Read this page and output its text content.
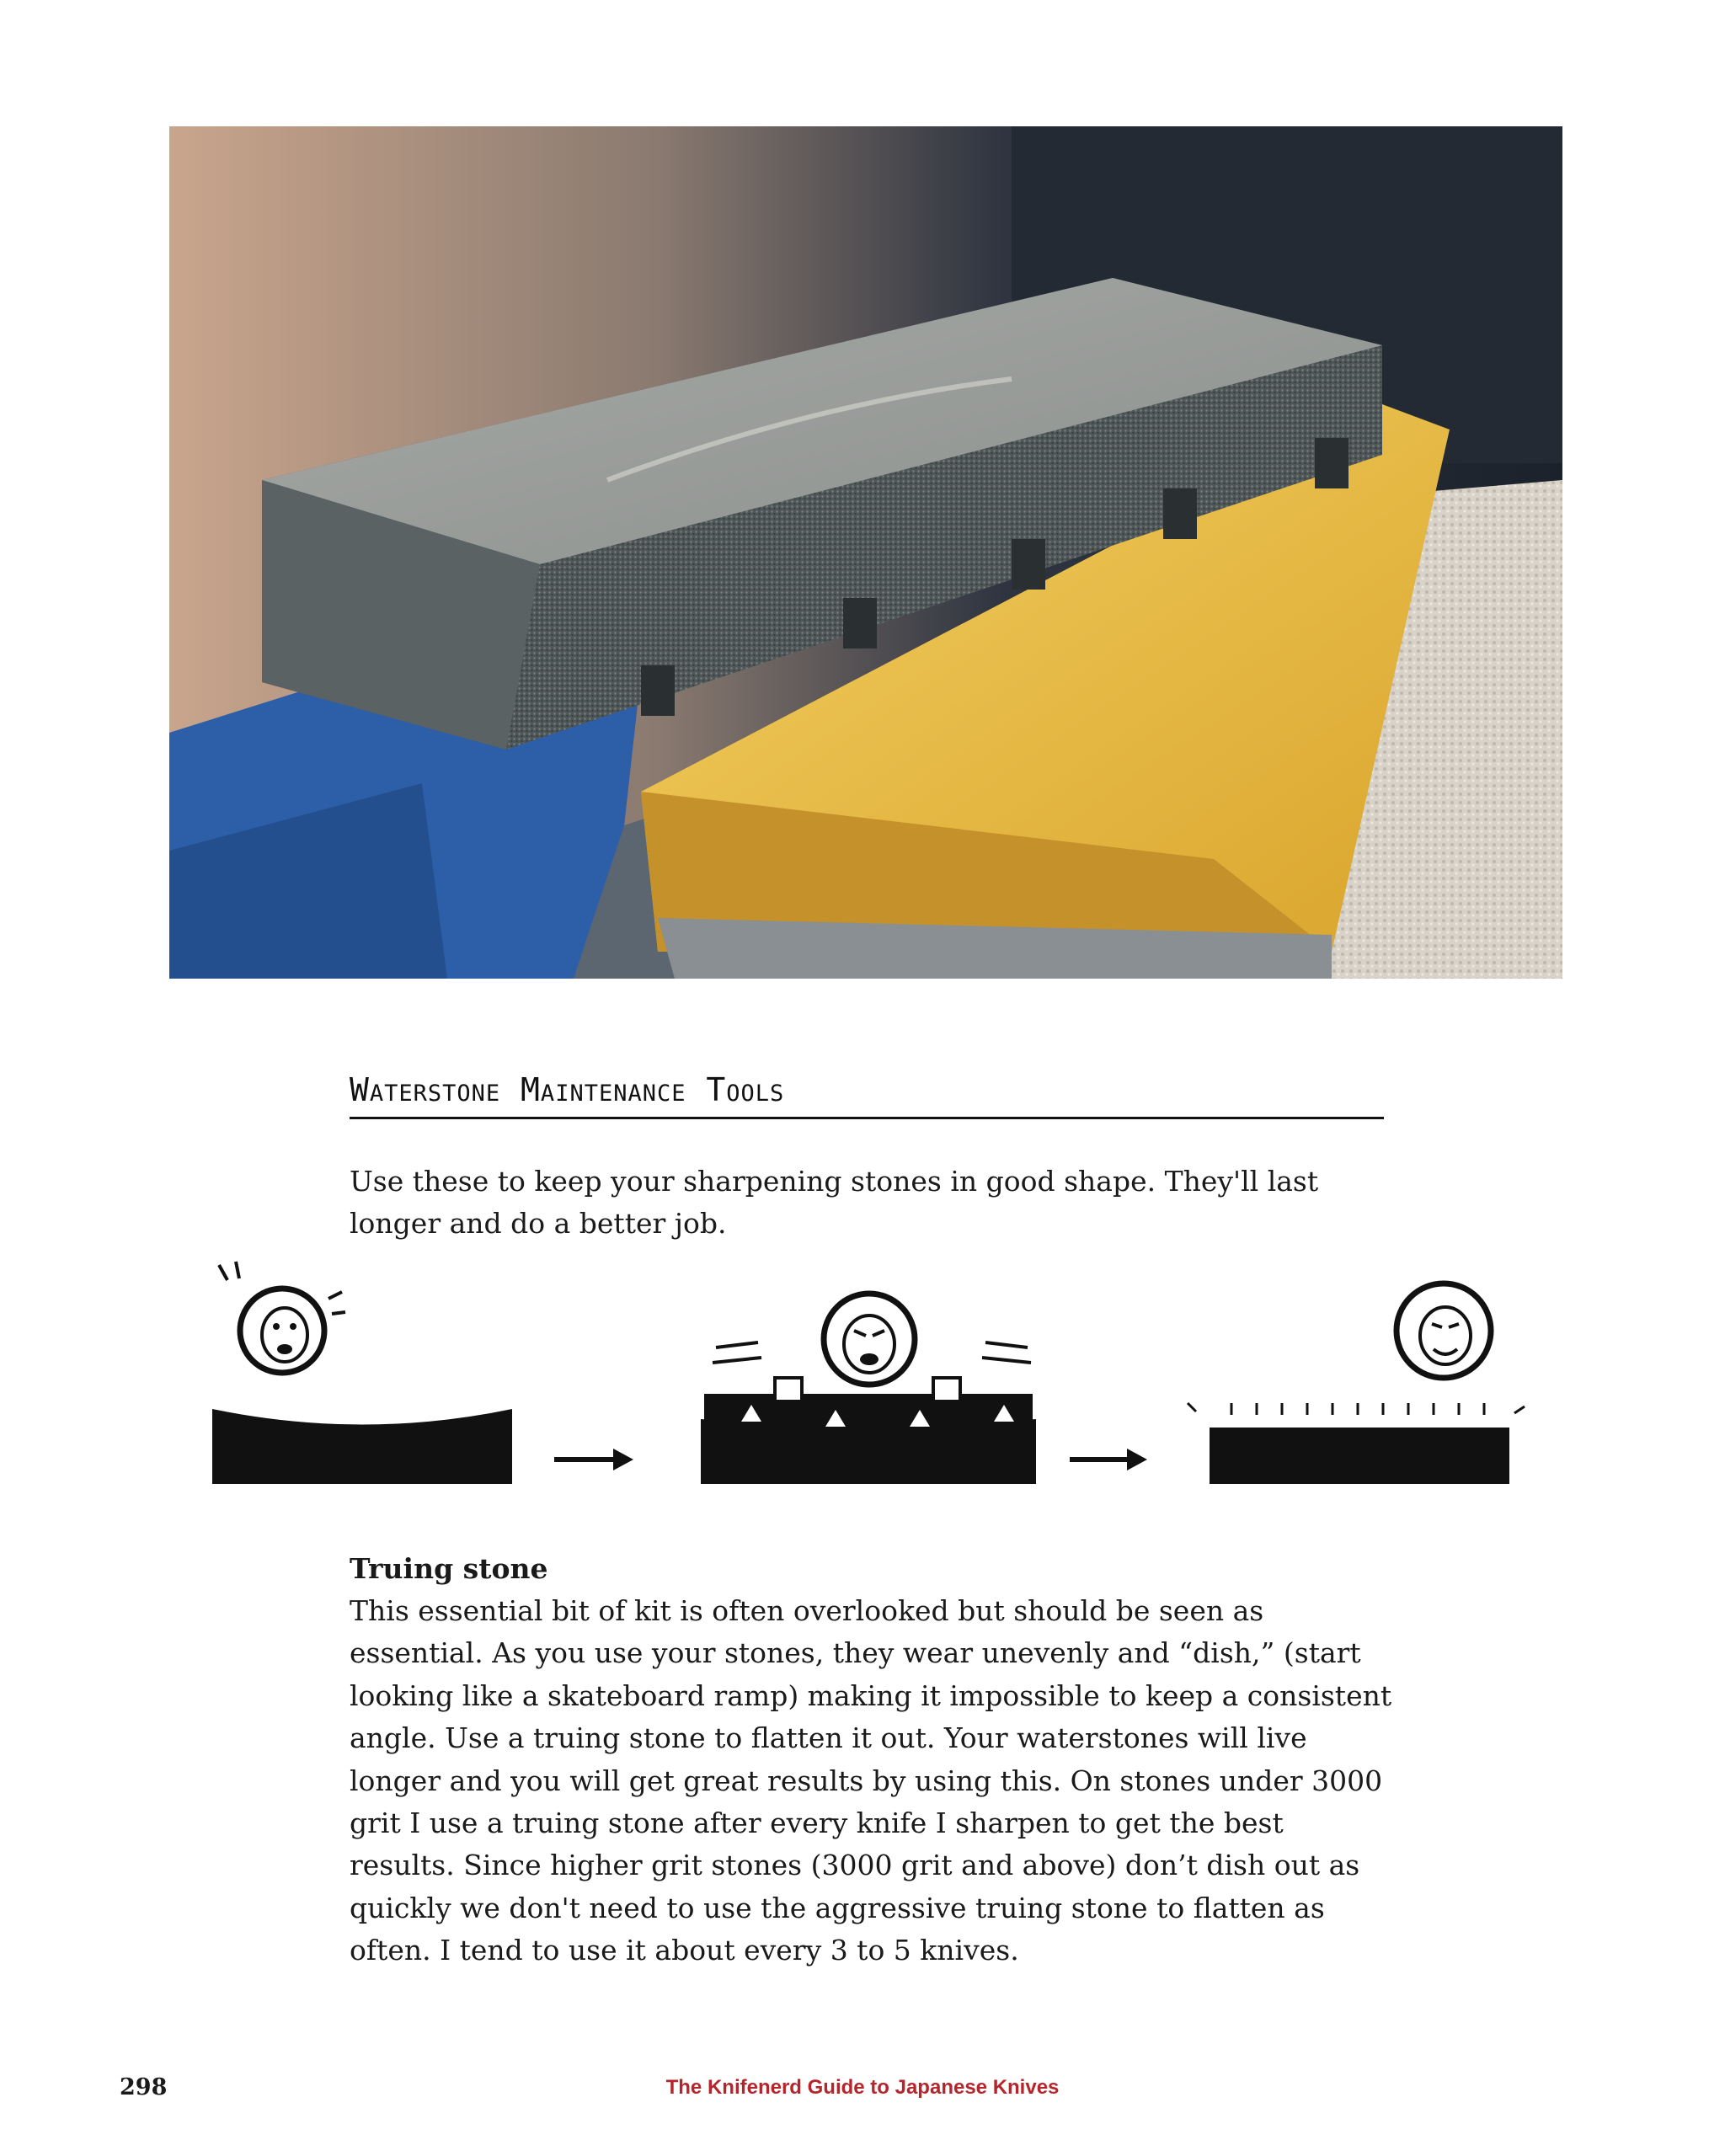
Waterstone Maintenance Tools
Use these to keep your sharpening stones in good shape. They'll last longer and do a better job.
Truing stone
This essential bit of kit is often overlooked but should be seen as essential. As you use your stones, they wear unevenly and “dish,” (start looking like a skateboard ramp) making it impossible to keep a consistent angle. Use a truing stone to flatten it out. Your waterstones will live longer and you will get great results by using this. On stones under 3000 grit I use a truing stone after every knife I sharpen to get the best results. Since higher grit stones (3000 grit and above) don’t dish out as quickly we don't need to use the aggressive truing stone to flatten as often. I tend to use it about every 3 to 5 knives.
298	The Knifenerd Guide to Japanese Knives
